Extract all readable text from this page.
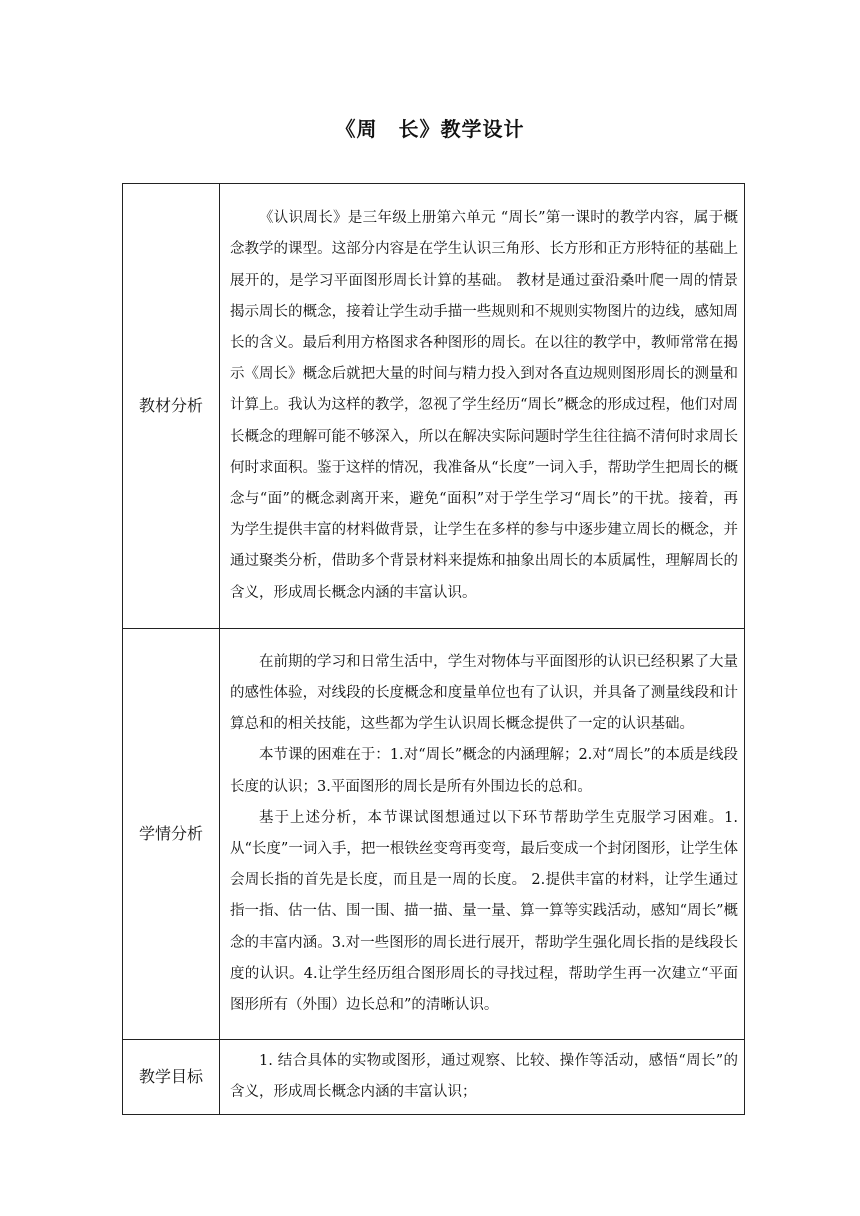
《周　长》教学设计
教材分析	《认识周长》是三年级上册第六单元 “周长”第一课时的教学内容，属于概念教学的课型。这部分内容是在学生认识三角形、长方形和正方形特征的基础上展开的，是学习平面图形周长计算的基础。 教材是通过蚕沿桑叶爬一周的情景揭示周长的概念，接着让学生动手描一些规则和不规则实物图片的边线，感知周长的含义。最后利用方格图求各种图形的周长。在以往的教学中，教师常常在揭示《周长》概念后就把大量的时间与精力投入到对各直边规则图形周长的测量和计算上。我认为这样的教学，忽视了学生经历“周长”概念的形成过程，他们对周长概念的理解可能不够深入，所以在解决实际问题时学生往往搞不清何时求周长何时求面积。鉴于这样的情况，我准备从“长度”一词入手，帮助学生把周长的概念与“面”的概念剥离开来，避免“面积”对于学生学习“周长”的干扰。接着，再为学生提供丰富的材料做背景，让学生在多样的参与中逐步建立周长的概念，并通过聚类分析，借助多个背景材料来提炼和抽象出周长的本质属性，理解周长的含义，形成周长概念内涵的丰富认识。

学情分析	在前期的学习和日常生活中，学生对物体与平面图形的认识已经积累了大量的感性体验，对线段的长度概念和度量单位也有了认识，并具备了测量线段和计算总和的相关技能，这些都为学生认识周长概念提供了一定的认识基础。

本节课的困难在于：1.对“周长”概念的内涵理解；2.对“周长”的本质是线段长度的认识；3.平面图形的周长是所有外围边长的总和。

基于上述分析，本节课试图想通过以下环节帮助学生克服学习困难。1.从“长度”一词入手，把一根铁丝变弯再变弯，最后变成一个封闭图形，让学生体会周长指的首先是长度，而且是一周的长度。 2.提供丰富的材料，让学生通过指一指、估一估、围一围、描一描、量一量、算一算等实践活动，感知“周长”概念的丰富内涵。3.对一些图形的周长进行展开，帮助学生强化周长指的是线段长度的认识。4.让学生经历组合图形周长的寻找过程，帮助学生再一次建立“平面图形所有（外围）边长总和”的清晰认识。

教学目标	1. 结合具体的实物或图形，通过观察、比较、操作等活动，感悟“周长”的含义，形成周长概念内涵的丰富认识；
